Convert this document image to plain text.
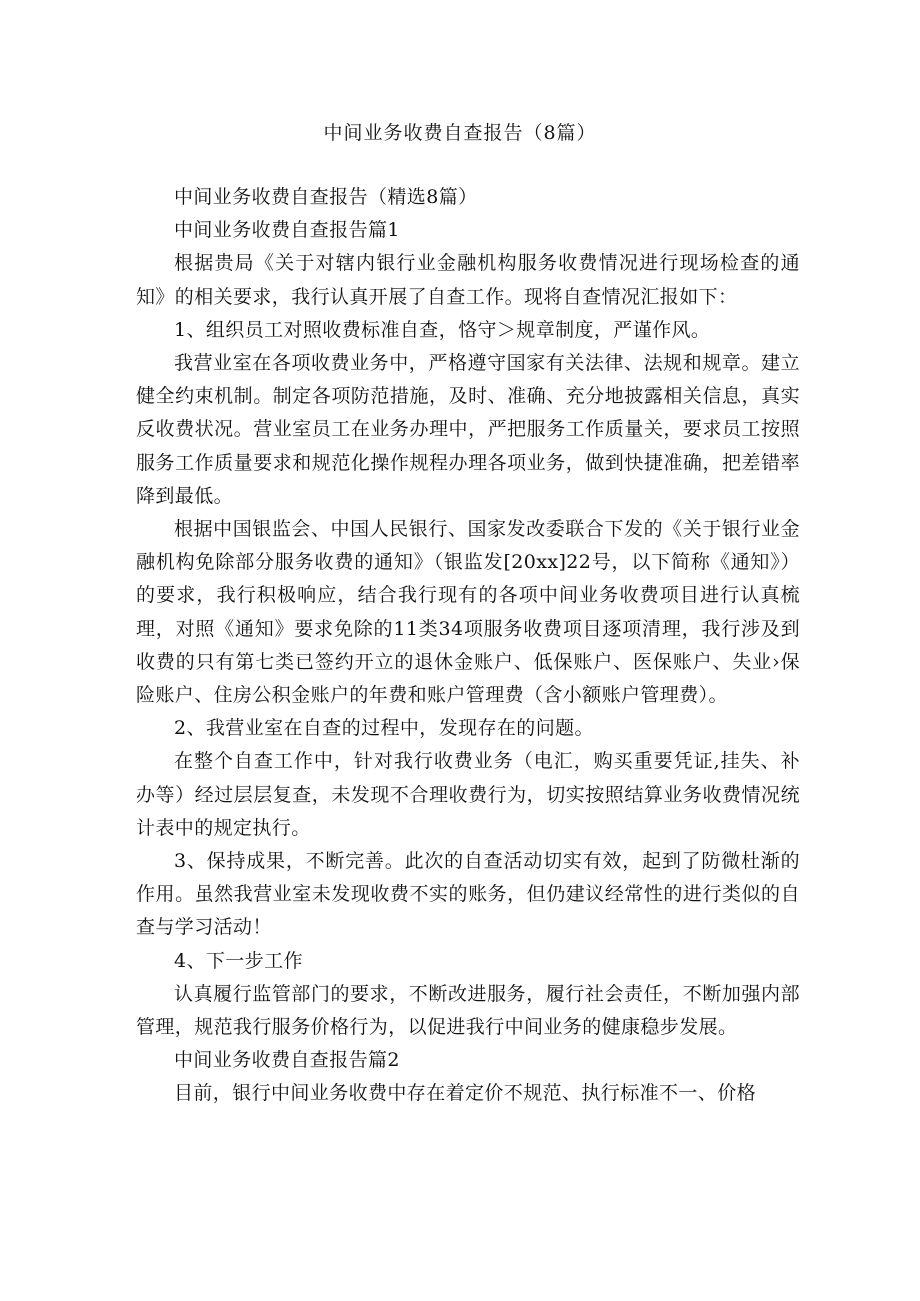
中间业务收费自查报告（8篇）

中间业务收费自查报告（精选8篇）

中间业务收费自查报告篇1

根据贵局《关于对辖内银行业金融机构服务收费情况进行现场检查的通知》的相关要求，我行认真开展了自查工作。现将自查情况汇报如下：

1、组织员工对照收费标准自查，恪守＞规章制度，严谨作风。

我营业室在各项收费业务中，严格遵守国家有关法律、法规和规章。建立健全约束机制。制定各项防范措施，及时、准确、充分地披露相关信息，真实反收费状况。营业室员工在业务办理中，严把服务工作质量关，要求员工按照服务工作质量要求和规范化操作规程办理各项业务，做到快捷准确，把差错率降到最低。

根据中国银监会、中国人民银行、国家发改委联合下发的《关于银行业金融机构免除部分服务收费的通知》（银监发[20xx]22号，以下简称《通知》）的要求，我行积极响应，结合我行现有的各项中间业务收费项目进行认真梳理，对照《通知》要求免除的11类34项服务收费项目逐项清理，我行涉及到收费的只有第七类已签约开立的退休金账户、低保账户、医保账户、失业›保险账户、住房公积金账户的年费和账户管理费（含小额账户管理费）。

2、我营业室在自查的过程中，发现存在的问题。

在整个自查工作中，针对我行收费业务（电汇，购买重要凭证,挂失、补办等）经过层层复查，未发现不合理收费行为，切实按照结算业务收费情况统计表中的规定执行。

3、保持成果，不断完善。此次的自查活动切实有效，起到了防微杜渐的作用。虽然我营业室未发现收费不实的账务，但仍建议经常性的进行类似的自查与学习活动！

4、下一步工作

认真履行监管部门的要求，不断改进服务，履行社会责任，不断加强内部管理，规范我行服务价格行为，以促进我行中间业务的健康稳步发展。

中间业务收费自查报告篇2

目前，银行中间业务收费中存在着定价不规范、执行标准不一、价格
